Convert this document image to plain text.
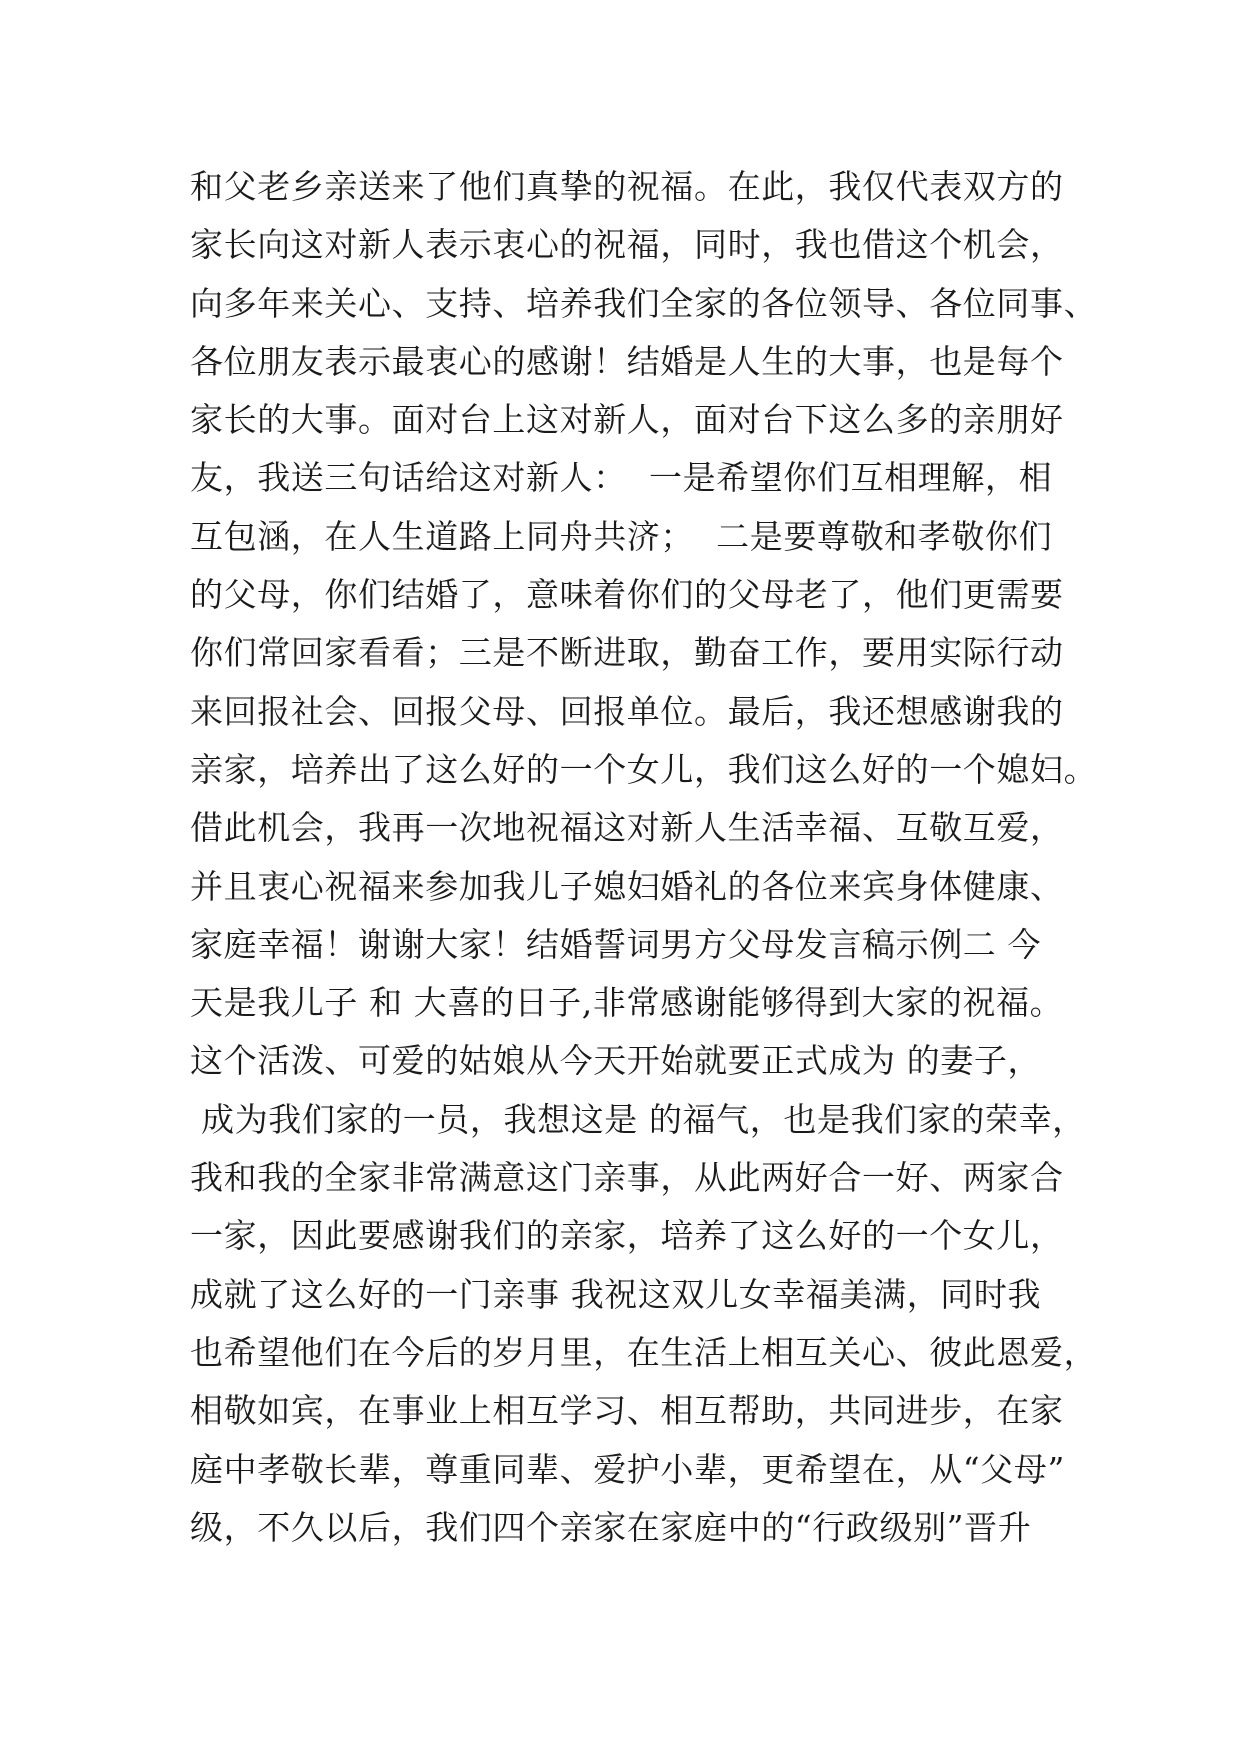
和父老乡亲送来了他们真挚的祝福。在此，我仅代表双方的
家长向这对新人表示衷心的祝福，同时，我也借这个机会，
向多年来关心、支持、培养我们全家的各位领导、各位同事、
各位朋友表示最衷心的感谢！结婚是人生的大事，也是每个
家长的大事。面对台上这对新人，面对台下这么多的亲朋好
友，我送三句话给这对新人：  一是希望你们互相理解，相
互包涵，在人生道路上同舟共济；  二是要尊敬和孝敬你们
的父母，你们结婚了，意味着你们的父母老了，他们更需要
你们常回家看看；三是不断进取，勤奋工作，要用实际行动
来回报社会、回报父母、回报单位。最后，我还想感谢我的
亲家，培养出了这么好的一个女儿，我们这么好的一个媳妇。
借此机会，我再一次地祝福这对新人生活幸福、互敬互爱，
并且衷心祝福来参加我儿子媳妇婚礼的各位来宾身体健康、
家庭幸福！谢谢大家！结婚誓词男方父母发言稿示例二 今
天是我儿子 和 大喜的日子,非常感谢能够得到大家的祝福。
这个活泼、可爱的姑娘从今天开始就要正式成为 的妻子，
成为我们家的一员，我想这是 的福气，也是我们家的荣幸，
我和我的全家非常满意这门亲事，从此两好合一好、两家合
一家，因此要感谢我们的亲家，培养了这么好的一个女儿，
成就了这么好的一门亲事 我祝这双儿女幸福美满，同时我
也希望他们在今后的岁月里，在生活上相互关心、彼此恩爱，
相敬如宾，在事业上相互学习、相互帮助，共同进步，在家
庭中孝敬长辈，尊重同辈、爱护小辈，更希望在，从“父母”
级，不久以后，我们四个亲家在家庭中的“行政级别”晋升
